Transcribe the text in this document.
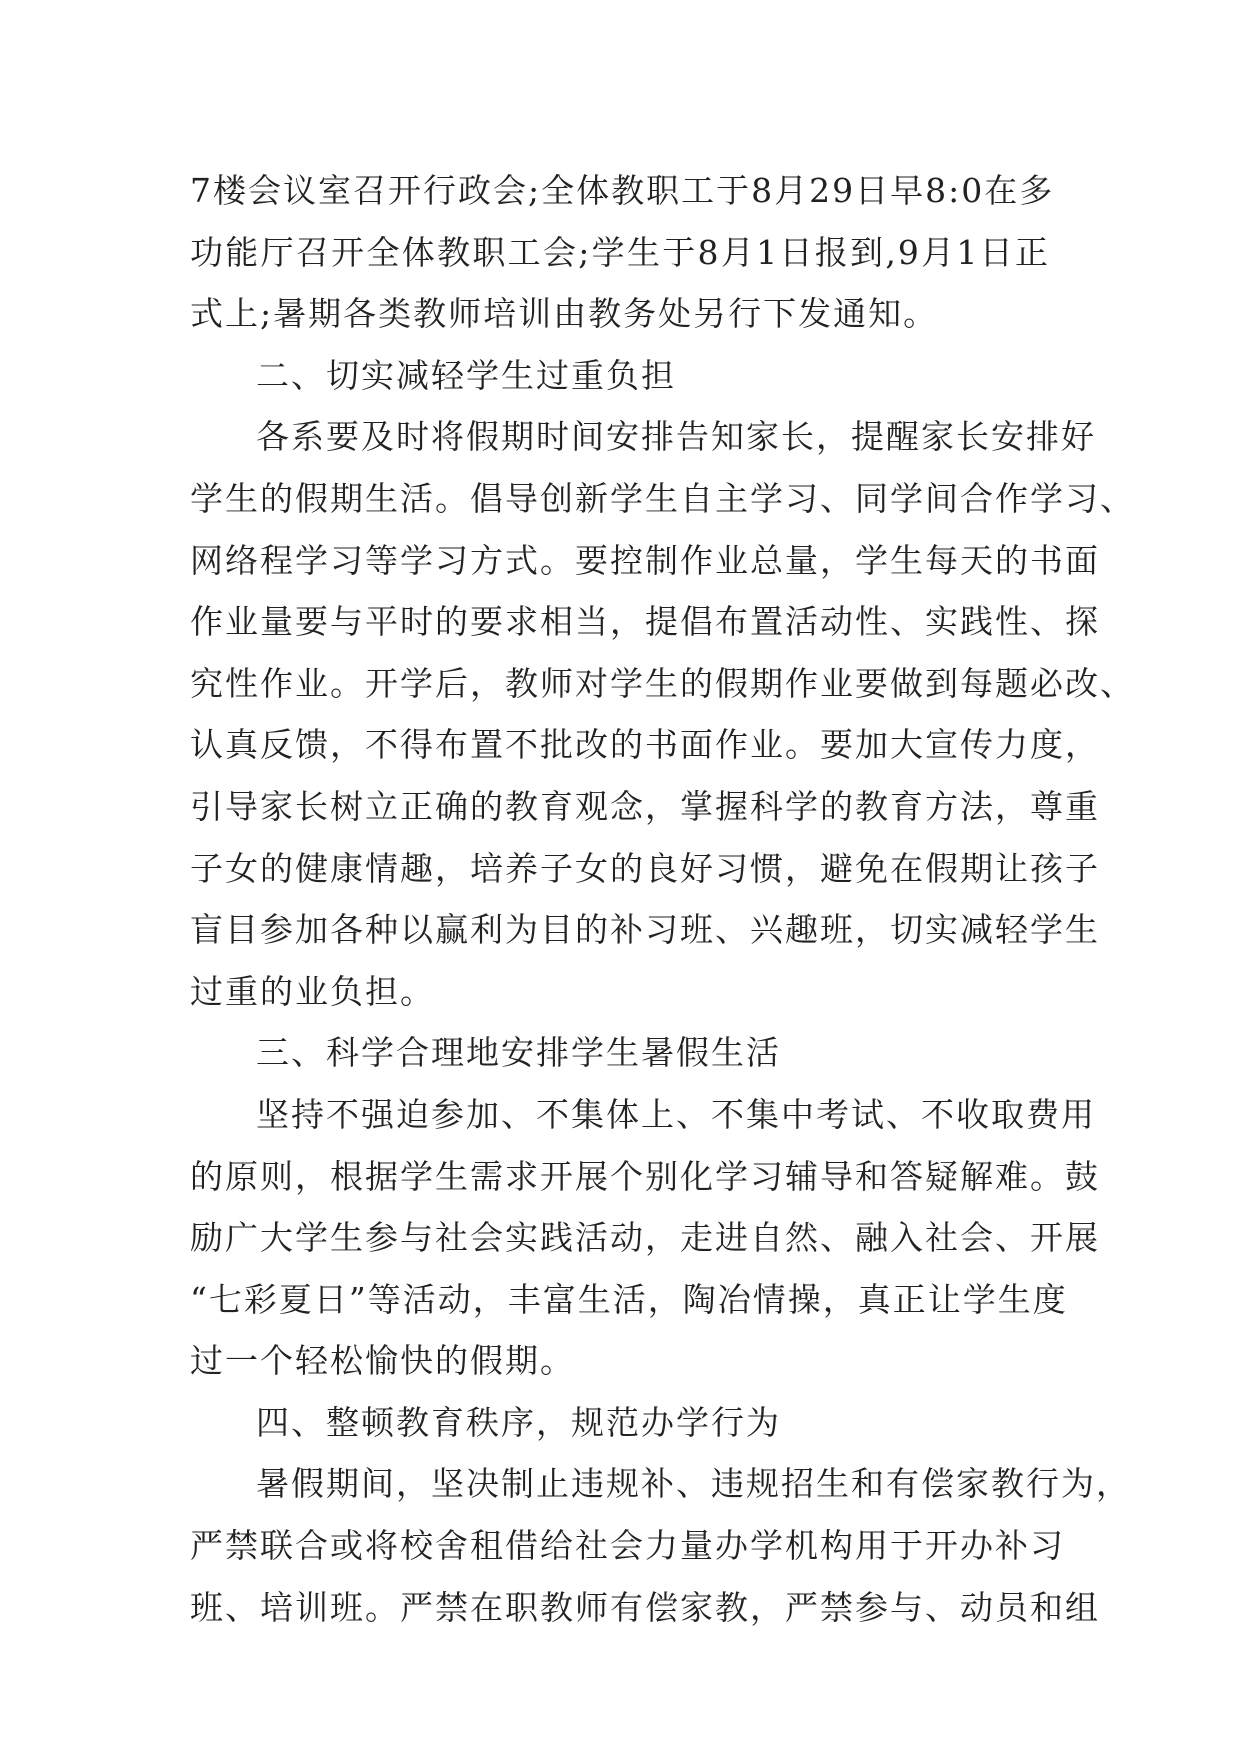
7楼会议室召开行政会;全体教职工于8月29日早8:0在多
功能厅召开全体教职工会;学生于8月1日报到,9月1日正
式上;暑期各类教师培训由教务处另行下发通知。
二、切实减轻学生过重负担
各系要及时将假期时间安排告知家长，提醒家长安排好
学生的假期生活。倡导创新学生自主学习、同学间合作学习、
网络程学习等学习方式。要控制作业总量，学生每天的书面
作业量要与平时的要求相当，提倡布置活动性、实践性、探
究性作业。开学后，教师对学生的假期作业要做到每题必改、
认真反馈，不得布置不批改的书面作业。要加大宣传力度，
引导家长树立正确的教育观念，掌握科学的教育方法，尊重
子女的健康情趣，培养子女的良好习惯，避免在假期让孩子
盲目参加各种以赢利为目的补习班、兴趣班，切实减轻学生
过重的业负担。
三、科学合理地安排学生暑假生活
坚持不强迫参加、不集体上、不集中考试、不收取费用
的原则，根据学生需求开展个别化学习辅导和答疑解难。鼓
励广大学生参与社会实践活动，走进自然、融入社会、开展
“七彩夏日”等活动，丰富生活，陶冶情操，真正让学生度
过一个轻松愉快的假期。
四、整顿教育秩序，规范办学行为
暑假期间，坚决制止违规补、违规招生和有偿家教行为，
严禁联合或将校舍租借给社会力量办学机构用于开办补习
班、培训班。严禁在职教师有偿家教，严禁参与、动员和组
